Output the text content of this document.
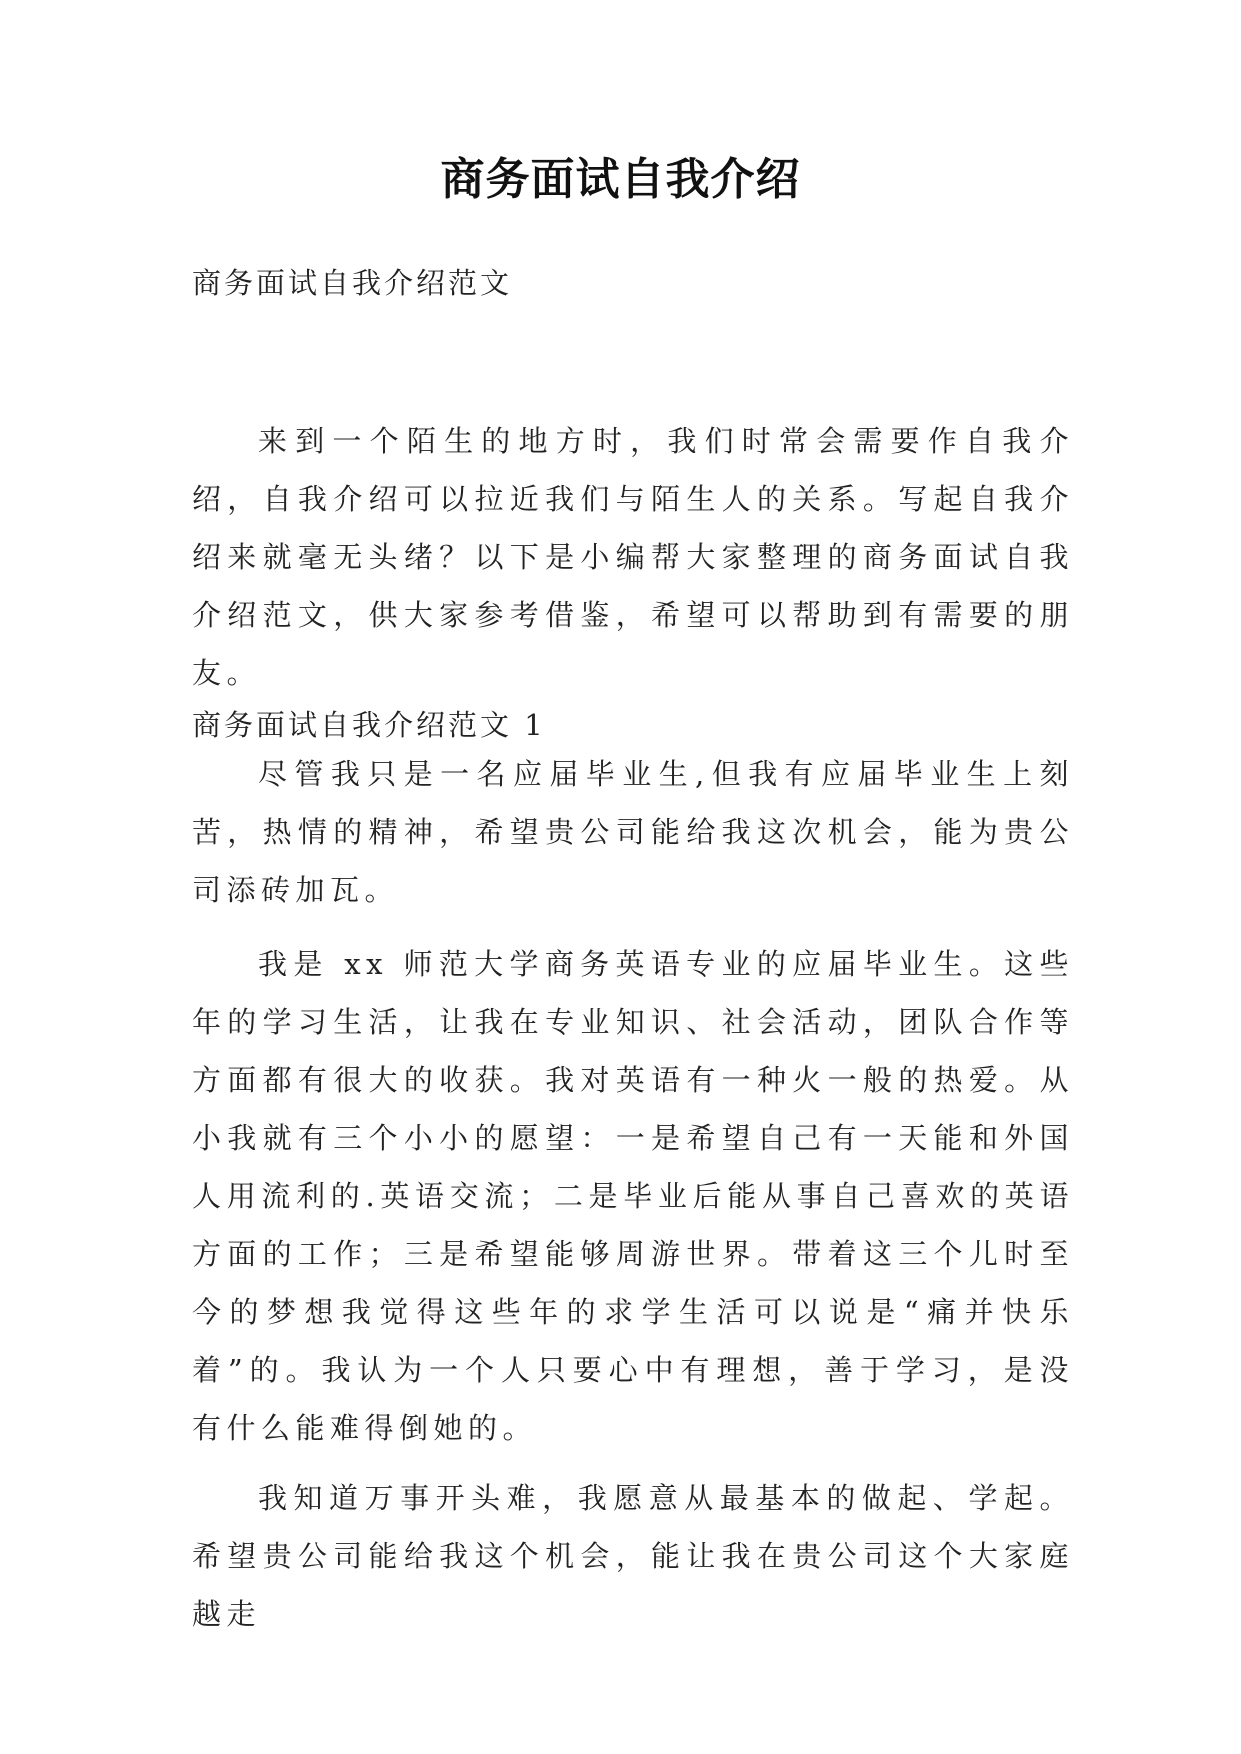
商务面试自我介绍
商务面试自我介绍范文

来到一个陌生的地方时，我们时常会需要作自我介绍，自我介绍可以拉近我们与陌生人的关系。写起自我介绍来就毫无头绪？以下是小编帮大家整理的商务面试自我介绍范文，供大家参考借鉴，希望可以帮助到有需要的朋友。

商务面试自我介绍范文 1

尽管我只是一名应届毕业生,但我有应届毕业生上刻苦，热情的精神，希望贵公司能给我这次机会，能为贵公司添砖加瓦。

我是 xx 师范大学商务英语专业的应届毕业生。这些年的学习生活，让我在专业知识、社会活动，团队合作等方面都有很大的收获。我对英语有一种火一般的热爱。从小我就有三个小小的愿望：一是希望自己有一天能和外国人用流利的.英语交流；二是毕业后能从事自己喜欢的英语方面的工作；三是希望能够周游世界。带着这三个儿时至今的梦想我觉得这些年的求学生活可以说是“痛并快乐着”的。我认为一个人只要心中有理想，善于学习，是没有什么能难得倒她的。

我知道万事开头难，我愿意从最基本的做起、学起。希望贵公司能给我这个机会，能让我在贵公司这个大家庭越走
